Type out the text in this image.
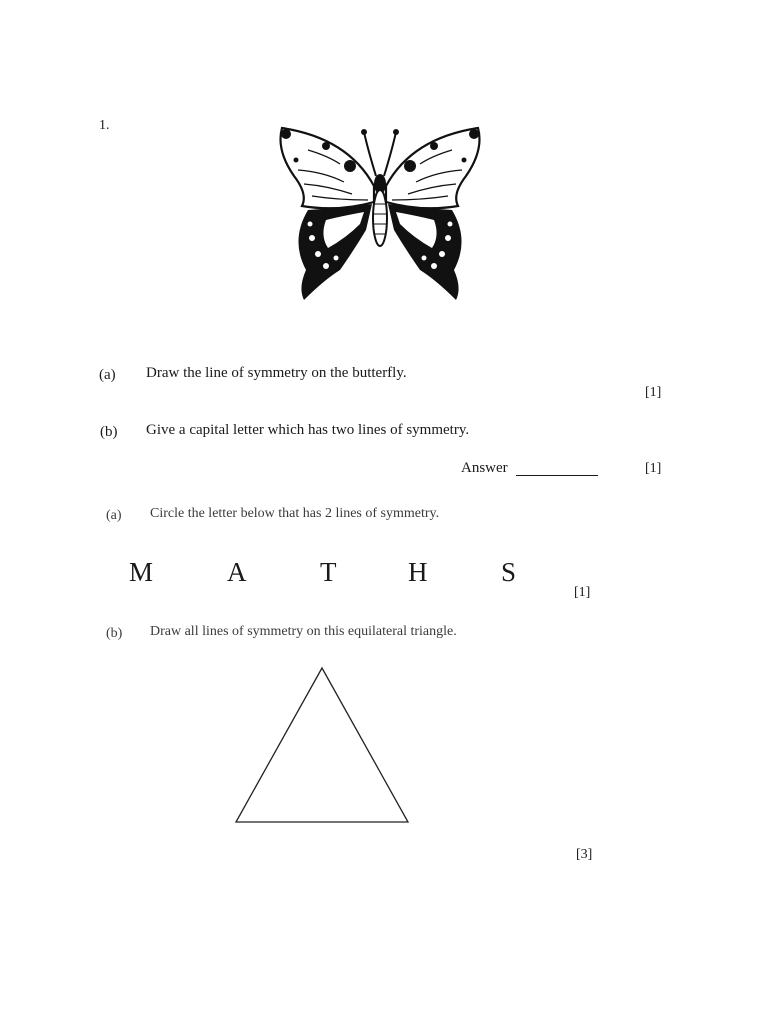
1.
(a) Draw the line of symmetry on the butterfly.
[1]
(b) Give a capital letter which has two lines of symmetry.
Answer	[1]
(a) Circle the letter below that has 2 lines of symmetry.
M	A	T	H	S
[1]
(b) Draw all lines of symmetry on this equilateral triangle.
[3]
